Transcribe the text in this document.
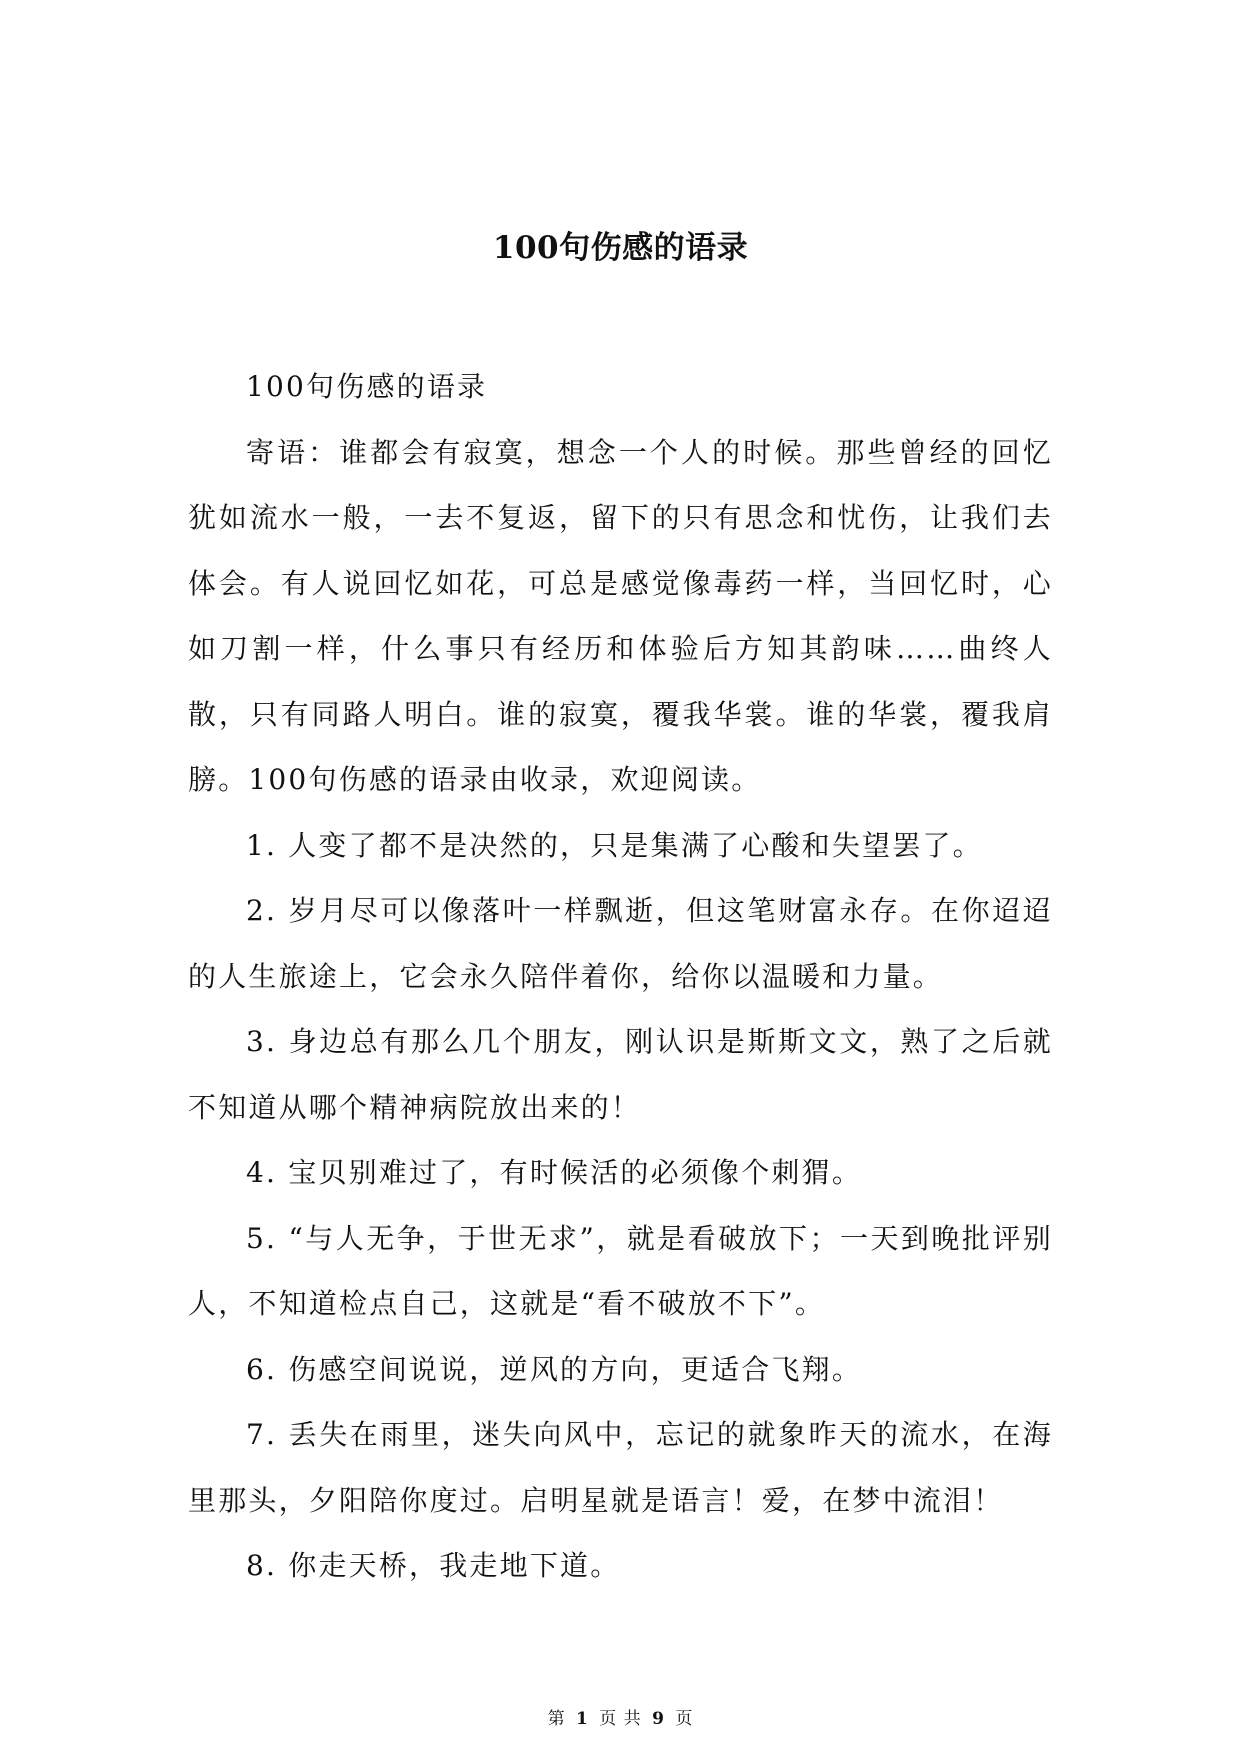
100句伤感的语录

100句伤感的语录

寄语：谁都会有寂寞，想念一个人的时候。那些曾经的回忆犹如流水一般，一去不复返，留下的只有思念和忧伤，让我们去体会。有人说回忆如花，可总是感觉像毒药一样，当回忆时，心如刀割一样，什么事只有经历和体验后方知其韵味……曲终人散，只有同路人明白。谁的寂寞，覆我华裳。谁的华裳，覆我肩膀。100句伤感的语录由收录，欢迎阅读。

1. 人变了都不是决然的，只是集满了心酸和失望罢了。

2. 岁月尽可以像落叶一样飘逝，但这笔财富永存。在你迢迢的人生旅途上，它会永久陪伴着你，给你以温暖和力量。

3. 身边总有那么几个朋友，刚认识是斯斯文文，熟了之后就不知道从哪个精神病院放出来的！

4. 宝贝别难过了，有时候活的必须像个刺猬。

5. “与人无争，于世无求”，就是看破放下；一天到晚批评别人，不知道检点自己，这就是“看不破放不下”。

6. 伤感空间说说，逆风的方向，更适合飞翔。

7. 丢失在雨里，迷失向风中，忘记的就象昨天的流水，在海里那头，夕阳陪你度过。启明星就是语言！爱，在梦中流泪！

8. 你走天桥，我走地下道。

第 1 页 共 9 页
